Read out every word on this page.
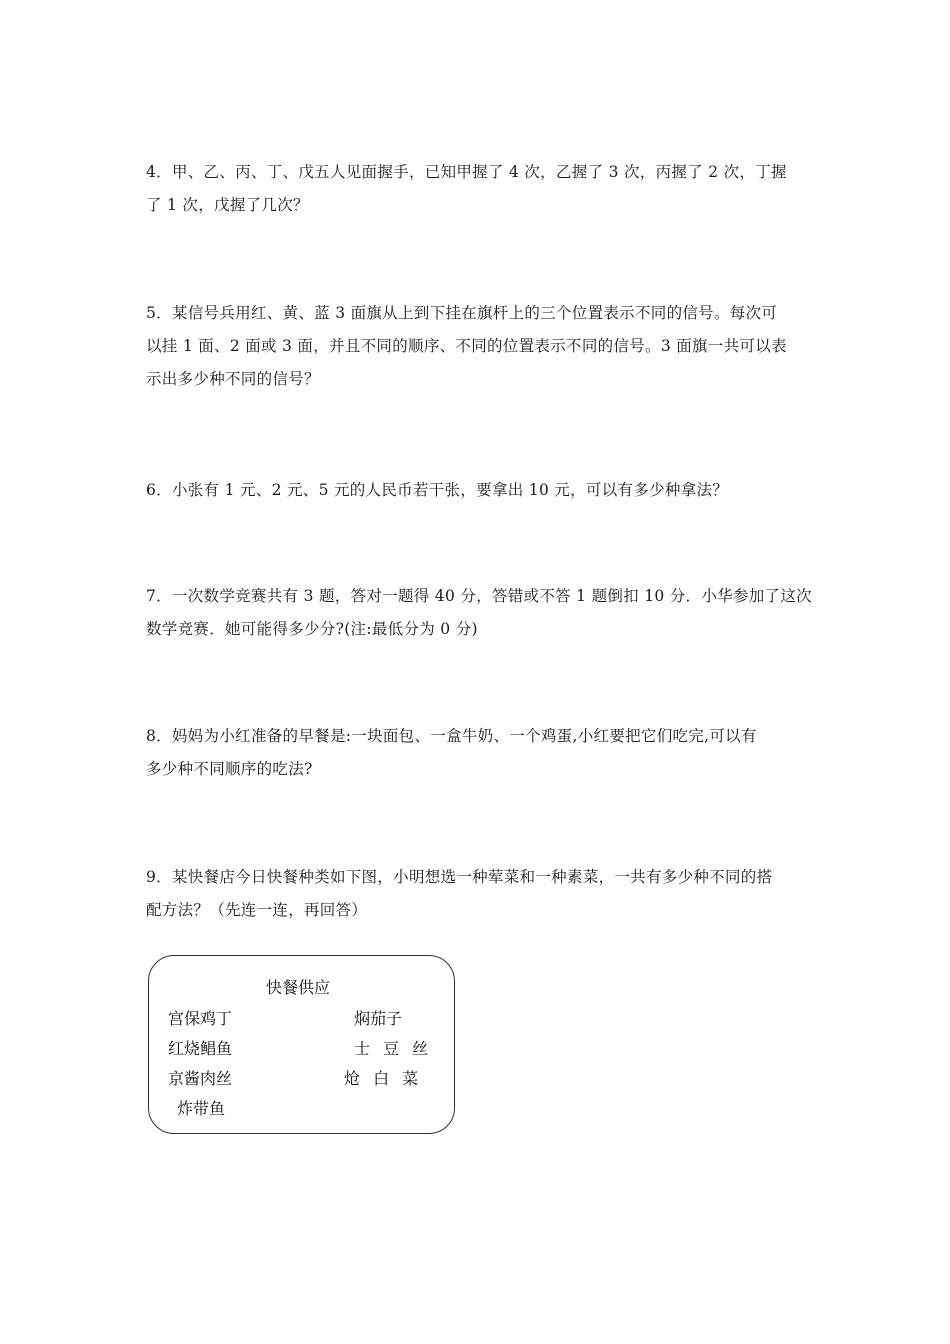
4．甲、乙、丙、丁、戊五人见面握手，已知甲握了 4 次，乙握了 3 次，丙握了 2 次，丁握
了 1 次，戊握了几次？
5．某信号兵用红、黄、蓝 3 面旗从上到下挂在旗杆上的三个位置表示不同的信号。每次可
以挂 1 面、2 面或 3 面，并且不同的顺序、不同的位置表示不同的信号。3 面旗一共可以表
示出多少种不同的信号？
6．小张有 1 元、2 元、5 元的人民币若干张，要拿出 10 元，可以有多少种拿法？
7．一次数学竞赛共有 3 题，答对一题得 40 分，答错或不答 1 题倒扣 10 分．小华参加了这次
数学竞赛．她可能得多少分?(注:最低分为 0 分)
8．妈妈为小红准备的早餐是:一块面包、一盒牛奶、一个鸡蛋,小红要把它们吃完,可以有
多少种不同顺序的吃法?
9．某快餐店今日快餐种类如下图，小明想选一种荤菜和一种素菜，一共有多少种不同的搭
配方法？（先连一连，再回答）
快餐供应
宫保鸡丁
红烧鲳鱼
京酱肉丝
炸带鱼
焖茄子
士 豆 丝
炝 白 菜
